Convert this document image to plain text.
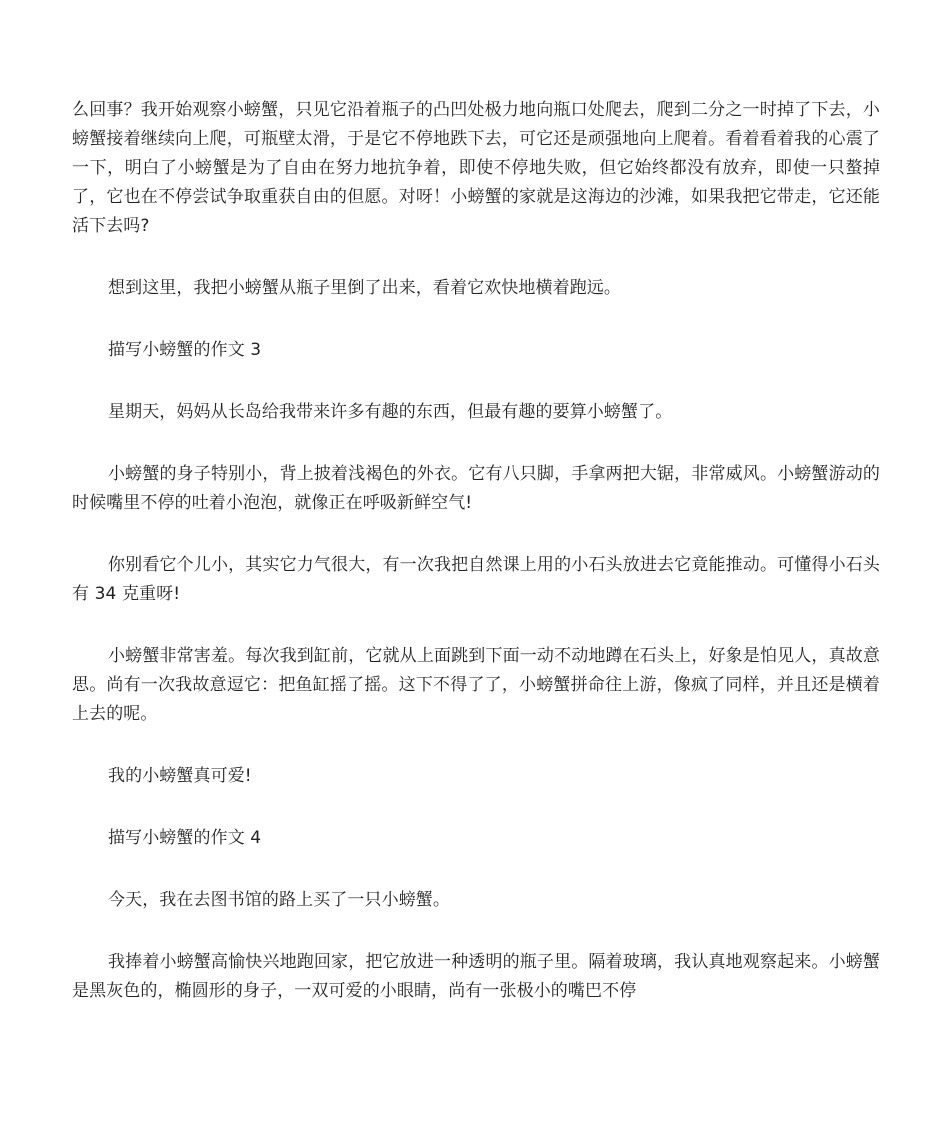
么回事？我开始观察小螃蟹，只见它沿着瓶子的凸凹处极力地向瓶口处爬去，爬到二分之一时掉了下去，小螃蟹接着继续向上爬，可瓶壁太滑，于是它不停地跌下去，可它还是顽强地向上爬着。看着看着我的心震了一下，明白了小螃蟹是为了自由在努力地抗争着，即使不停地失败，但它始终都没有放弃，即使一只螯掉了，它也在不停尝试争取重获自由的但愿。对呀！小螃蟹的家就是这海边的沙滩，如果我把它带走，它还能活下去吗?

想到这里，我把小螃蟹从瓶子里倒了出来，看着它欢快地横着跑远。

描写小螃蟹的作文 3

星期天，妈妈从长岛给我带来许多有趣的东西，但最有趣的要算小螃蟹了。

小螃蟹的身子特别小，背上披着浅褐色的外衣。它有八只脚，手拿两把大锯，非常威风。小螃蟹游动的时候嘴里不停的吐着小泡泡，就像正在呼吸新鲜空气!

你别看它个儿小，其实它力气很大，有一次我把自然课上用的小石头放进去它竟能推动。可懂得小石头有 34 克重呀!

小螃蟹非常害羞。每次我到缸前，它就从上面跳到下面一动不动地蹲在石头上，好象是怕见人，真故意思。尚有一次我故意逗它：把鱼缸摇了摇。这下不得了了，小螃蟹拼命往上游，像疯了同样，并且还是横着上去的呢。

我的小螃蟹真可爱!

描写小螃蟹的作文 4

今天，我在去图书馆的路上买了一只小螃蟹。

我捧着小螃蟹高愉快兴地跑回家，把它放进一种透明的瓶子里。隔着玻璃，我认真地观察起来。小螃蟹是黑灰色的，椭圆形的身子，一双可爱的小眼睛，尚有一张极小的嘴巴不停
